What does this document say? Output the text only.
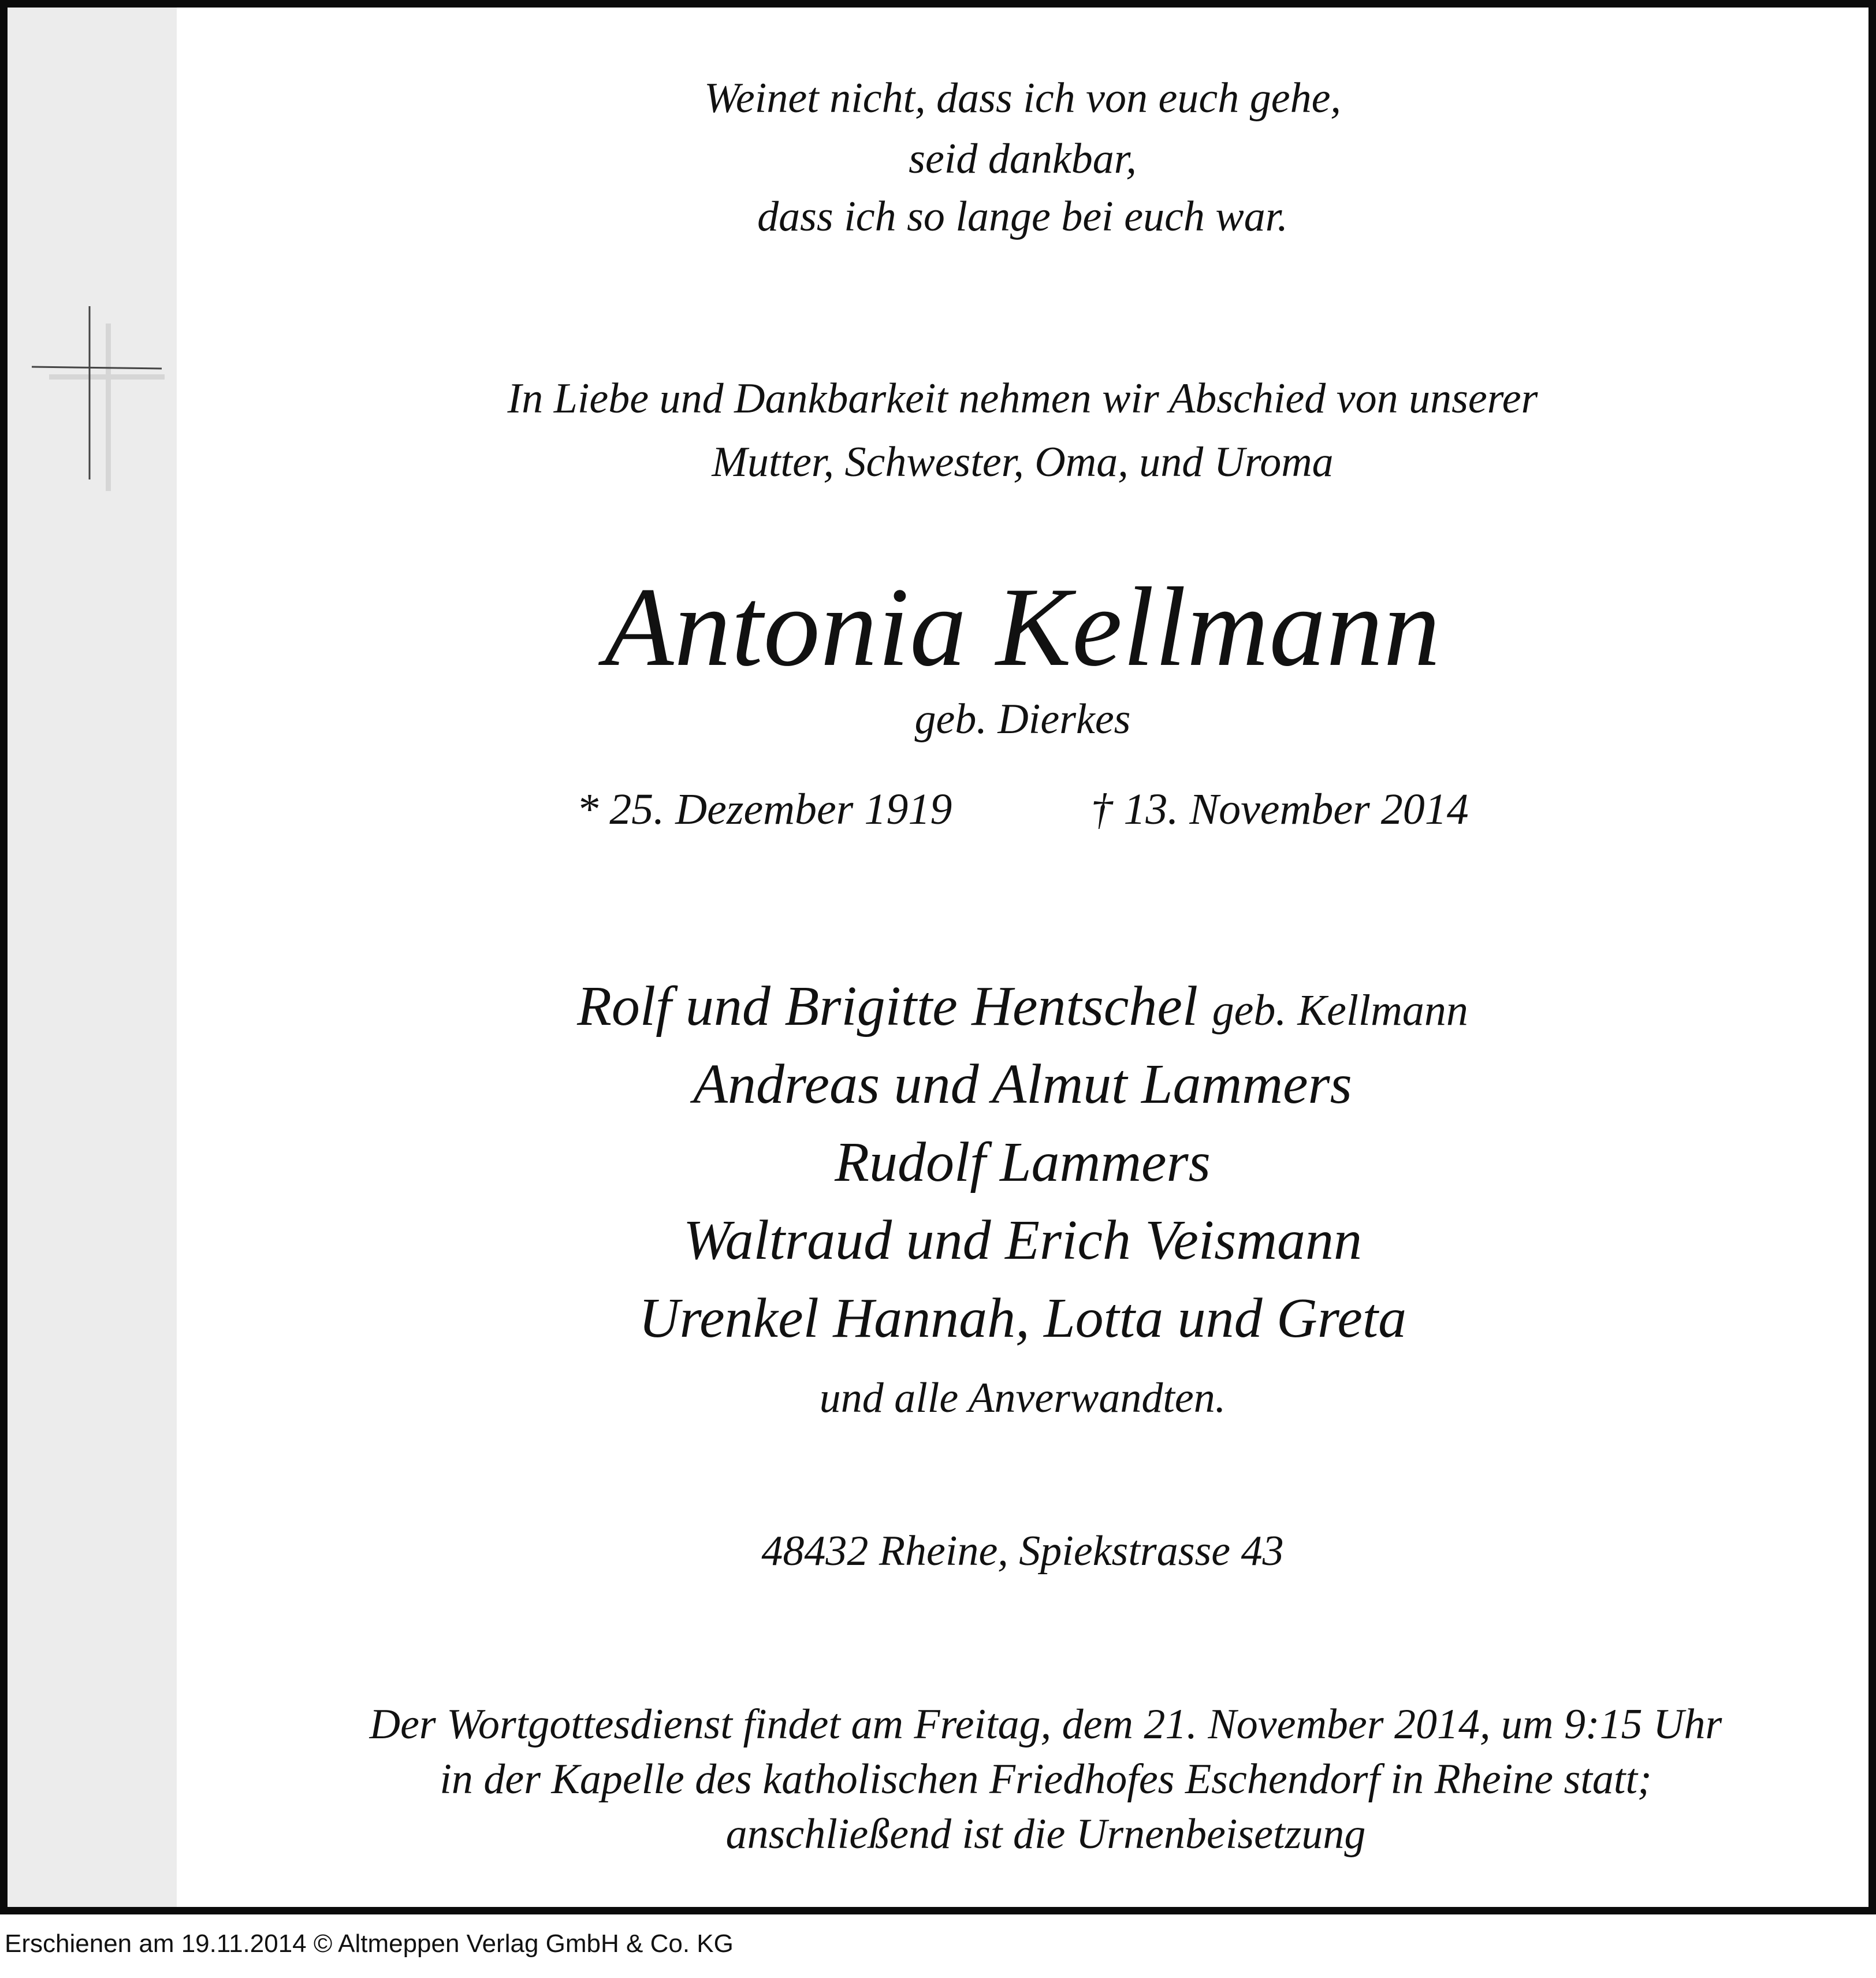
Weinet nicht, dass ich von euch gehe,
seid dankbar,
dass ich so lange bei euch war.
In Liebe und Dankbarkeit nehmen wir Abschied von unserer
Mutter, Schwester, Oma, und Uroma
Antonia Kellmann
geb. Dierkes
* 25. Dezember 1919	† 13. November 2014
Rolf und Brigitte Hentschel geb. Kellmann
Andreas und Almut Lammers
Rudolf Lammers
Waltraud und Erich Veismann
Urenkel Hannah, Lotta und Greta
und alle Anverwandten.
48432 Rheine, Spiekstrasse 43
Der Wortgottesdienst findet am Freitag, dem 21. November 2014, um 9:15 Uhr
in der Kapelle des katholischen Friedhofes Eschendorf in Rheine statt;
anschließend ist die Urnenbeisetzung
Erschienen am 19.11.2014 © Altmeppen Verlag GmbH & Co. KG
